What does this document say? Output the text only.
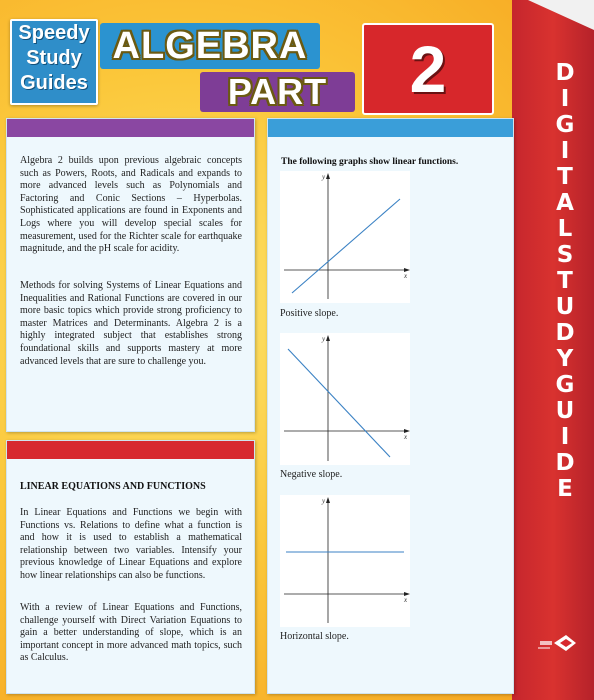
Speedy
Study
Guides
ALGEBRA
PART	2	DIGITAL STUDY GUIDE
Algebra 2 builds upon previous algebraic concepts such as Powers, Roots, and Radicals and expands to more advanced levels such as Polynomials and Factoring and Conic Sections – Hyperbolas. Sophisticated applications are found in Exponents and Logs where you will develop special scales for measurement, used for the Richter scale for earthquake magnitude, and the pH scale for acidity.
Methods for solving Systems of Linear Equations and Inequalities and Rational Functions are covered in our more basic topics which provide strong proficiency to master Matrices and Determinants. Algebra 2 is a highly integrated subject that establishes strong foundational skills and supports mastery at more advanced levels that are sure to challenge you.
LINEAR EQUATIONS AND FUNCTIONS
In Linear Equations and Functions we begin with Functions vs. Relations to define what a function is and how it is used to establish a mathematical relationship between two variables. Intensify your previous knowledge of Linear Equations and explore how linear relationships can also be functions.
With a review of Linear Equations and Functions, challenge yourself with Direct Variation Equations to gain a better understanding of slope, which is an important concept in more advanced math topics, such as Calculus.
The following graphs show linear functions.
y
x
Positive slope.
y
x
Negative slope.
y
x
Horizontal slope.
